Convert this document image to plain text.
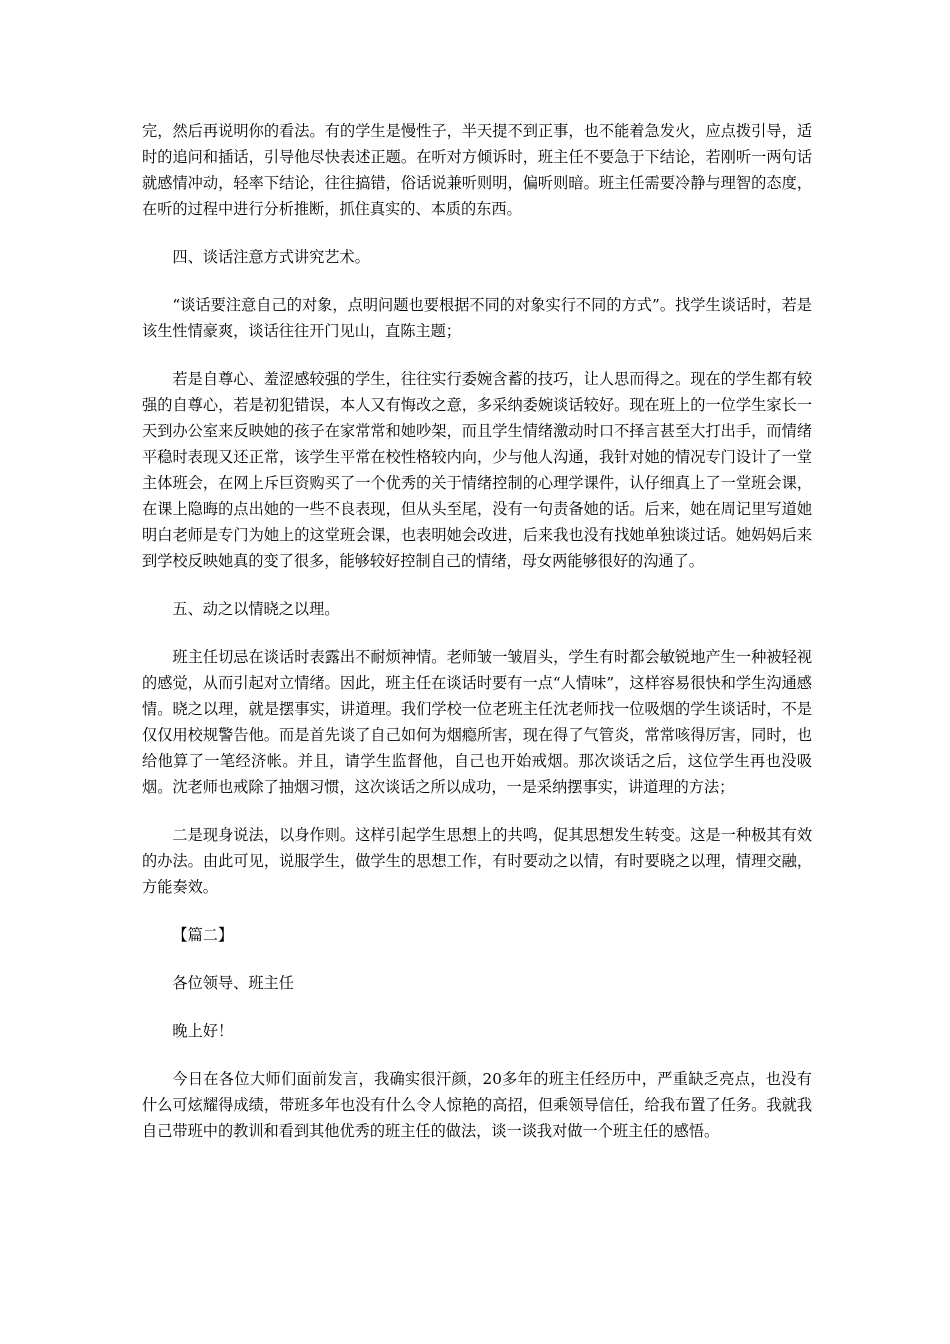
完，然后再说明你的看法。有的学生是慢性子，半天提不到正事，也不能着急发火，应点拨引导，适时的追问和插话，引导他尽快表述正题。在听对方倾诉时，班主任不要急于下结论，若刚听一两句话就感情冲动，轻率下结论，往往搞错，俗话说兼听则明，偏听则暗。班主任需要冷静与理智的态度，在听的过程中进行分析推断，抓住真实的、本质的东西。

四、谈话注意方式讲究艺术。

“谈话要注意自己的对象，点明问题也要根据不同的对象实行不同的方式”。找学生谈话时，若是该生性情豪爽，谈话往往开门见山，直陈主题；

若是自尊心、羞涩感较强的学生，往往实行委婉含蓄的技巧，让人思而得之。现在的学生都有较强的自尊心，若是初犯错误，本人又有悔改之意，多采纳委婉谈话较好。现在班上的一位学生家长一天到办公室来反映她的孩子在家常常和她吵架，而且学生情绪激动时口不择言甚至大打出手，而情绪平稳时表现又还正常，该学生平常在校性格较内向，少与他人沟通，我针对她的情况专门设计了一堂主体班会，在网上斥巨资购买了一个优秀的关于情绪控制的心理学课件，认仔细真上了一堂班会课，在课上隐晦的点出她的一些不良表现，但从头至尾，没有一句责备她的话。后来，她在周记里写道她明白老师是专门为她上的这堂班会课，也表明她会改进，后来我也没有找她单独谈过话。她妈妈后来到学校反映她真的变了很多，能够较好控制自己的情绪，母女两能够很好的沟通了。

五、动之以情晓之以理。

班主任切忌在谈话时表露出不耐烦神情。老师皱一皱眉头，学生有时都会敏锐地产生一种被轻视的感觉，从而引起对立情绪。因此，班主任在谈话时要有一点“人情味”，这样容易很快和学生沟通感情。晓之以理，就是摆事实，讲道理。我们学校一位老班主任沈老师找一位吸烟的学生谈话时，不是仅仅用校规警告他。而是首先谈了自己如何为烟瘾所害，现在得了气管炎，常常咳得厉害，同时，也给他算了一笔经济帐。并且，请学生监督他，自己也开始戒烟。那次谈话之后，这位学生再也没吸烟。沈老师也戒除了抽烟习惯，这次谈话之所以成功，一是采纳摆事实，讲道理的方法；

二是现身说法，以身作则。这样引起学生思想上的共鸣，促其思想发生转变。这是一种极其有效的办法。由此可见，说服学生，做学生的思想工作，有时要动之以情，有时要晓之以理，情理交融，方能奏效。

【篇二】

各位领导、班主任

晚上好！

今日在各位大师们面前发言，我确实很汗颜，20多年的班主任经历中，严重缺乏亮点，也没有什么可炫耀得成绩，带班多年也没有什么令人惊艳的高招，但乘领导信任，给我布置了任务。我就我自己带班中的教训和看到其他优秀的班主任的做法，谈一谈我对做一个班主任的感悟。
